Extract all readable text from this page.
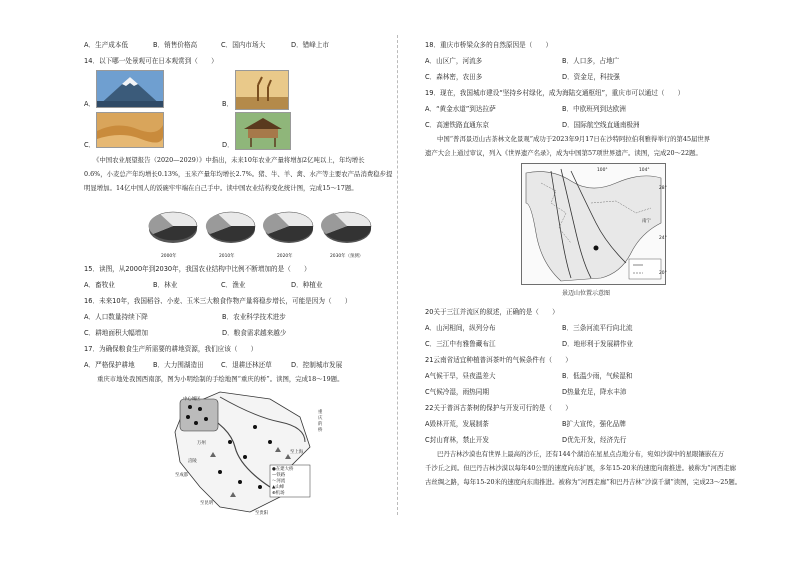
A．生产成本低	B．销售价格高	C．国内市场大	D．错峰上市
14．以下哪一处景观可在日本观赏到（　　）
A．	B．
C．	D．
《中国农业展望报告（2020—2029）》中指出，未来10年农业产量将增加2亿吨以上，年均增长
0.6%，小麦总产年均增长0.13%，玉米产量年均增长2.7%。猪、牛、羊、禽、水产等主要农产品消费稳步提
明显增加。14亿中国人的饭碗牢牢端在自己手中。读中国农业结构变化统计图，完成15～17题。
2000年	2010年	2020年	2030年（预测）
15．读图，从2000年到2030年，我国农业结构中比例不断增加的是（　　）
A．畜牧业	B．林业	C．渔业	D．种植业
16．未来10年，我国稻谷、小麦、玉米三大粮食作物产量将稳步增长，可能是因为（　　）
A．人口数量持续下降	B．农业科学技术进步
C．耕地面积大幅增加	D．粮食需求越来越少
17．为确保粮食生产所需要的耕地资源，我们应该（　　）
A．严格保护耕地	B．大力围湖造田	C．退耕还林还草	D．控制城市发展
重庆市地处我国西南部，图为小明绘制的手绘地图“重庆的桥”。读图，完成18～19题。
中心城区
重庆的桥
万州
至上海
至成都
至昆明
至贵阳
涪陵
●在建大桥
—铁路
～河流
▲山峰
⊕机场
18．重庆市桥梁众多的自然原因是（　　）
A．山区广，河流多	B．人口多，占地广
C．森林密，农田多	D．资金足，科技强
19．现在，我国城市建设“坚持乡村绿化，成为海陆交通枢纽”，重庆市可以通过（　　）
A．“黄金水道”到达拉萨	B．中欧班列到达欧洲
C．高速铁路直通东京	D．国际航空线直通南极洲
中国“普洱景迈山古茶林文化景观”成功于2023年9月17日在沙特阿拉伯利雅得举行的第45届世界
遗产大会上通过审议，列入《世界遗产名录》，成为中国第57项世界遗产。读图，完成20～22题。
28°
100°	104°
24°
20°
南宁
景迈山位置示意图
20关于三江并流区的叙述，正确的是（　　）
A．山河相间，纵列分布	B．三条河流平行向北流
C．三江中有雅鲁藏布江	D．地形利于发展耕作业
21云南省适宜种植普洱茶叶的气候条件有（　　）
A气候干旱，昼夜温差大	B．低温少雨，气候湿和
C气候冷湿，雨热同期	D热量充足，降水丰沛
22关于普洱古茶树的保护与开发可行的是（　　）
A毁林开荒，发展制茶	B扩大宣传，强化品牌
C封山育林，禁止开发	D优先开发，经济先行
巴丹吉林沙漠也有世界上最高的沙丘，还有144个湖泊在星星点点地分布，宛如沙漠中的星眼镶嵌在万
千沙丘之间。但巴丹吉林沙漠以每年40公里的速度向东扩展，多年15-20米的速度向南推进。被称为“河西走廊
古丝绸之路，每年15-20米的速度向东南推进。被称为“河西走廊”和巴丹吉林“沙漠千湖”读图，完成23～25题。
